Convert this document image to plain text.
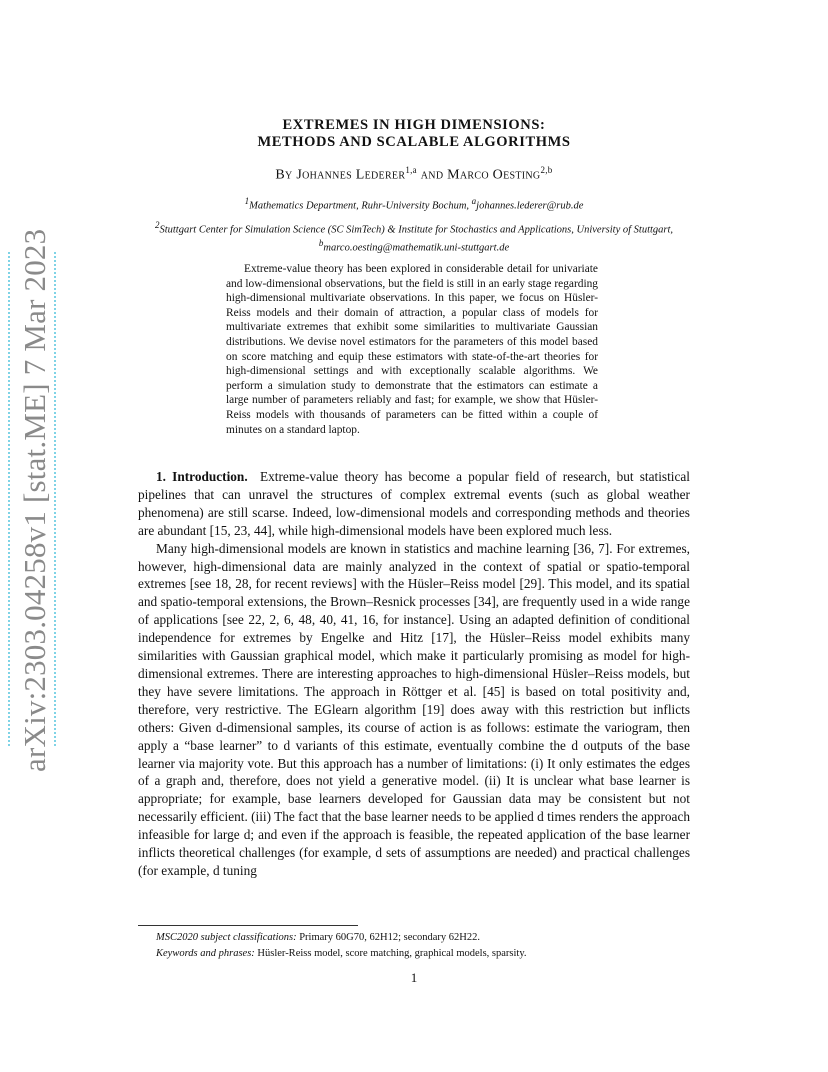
arXiv:2303.04258v1 [stat.ME] 7 Mar 2023
EXTREMES IN HIGH DIMENSIONS:
METHODS AND SCALABLE ALGORITHMS
By Johannes Lederer$^{1,a}$ and Marco Oesting$^{2,b}$
$^1$Mathematics Department, Ruhr-University Bochum, $^a$johannes.lederer@rub.de
$^2$Stuttgart Center for Simulation Science (SC SimTech) & Institute for Stochastics and Applications, University of Stuttgart,
$^b$marco.oesting@mathematik.uni-stuttgart.de
Extreme-value theory has been explored in considerable detail for univariate and low-dimensional observations, but the field is still in an early stage regarding high-dimensional multivariate observations. In this paper, we focus on Hüsler-Reiss models and their domain of attraction, a popular class of models for multivariate extremes that exhibit some similarities to multivariate Gaussian distributions. We devise novel estimators for the parameters of this model based on score matching and equip these estimators with state-of-the-art theories for high-dimensional settings and with exceptionally scalable algorithms. We perform a simulation study to demonstrate that the estimators can estimate a large number of parameters reliably and fast; for example, we show that Hüsler-Reiss models with thousands of parameters can be fitted within a couple of minutes on a standard laptop.

1. Introduction. Extreme-value theory has become a popular field of research, but statistical pipelines that can unravel the structures of complex extremal events (such as global weather phenomena) are still scarse. Indeed, low-dimensional models and corresponding methods and theories are abundant [15, 23, 44], while high-dimensional models have been explored much less.

Many high-dimensional models are known in statistics and machine learning [36, 7]. For extremes, however, high-dimensional data are mainly analyzed in the context of spatial or spatio-temporal extremes [see 18, 28, for recent reviews] with the Hüsler–Reiss model [29]. This model, and its spatial and spatio-temporal extensions, the Brown–Resnick processes [34], are frequently used in a wide range of applications [see 22, 2, 6, 48, 40, 41, 16, for instance]. Using an adapted definition of conditional independence for extremes by Engelke and Hitz [17], the Hüsler–Reiss model exhibits many similarities with Gaussian graphical model, which make it particularly promising as model for high-dimensional extremes. There are interesting approaches to high-dimensional Hüsler–Reiss models, but they have severe limitations. The approach in Röttger et al. [45] is based on total positivity and, therefore, very restrictive. The EGlearn algorithm [19] does away with this restriction but inflicts others: Given d-dimensional samples, its course of action is as follows: estimate the variogram, then apply a “base learner” to d variants of this estimate, eventually combine the d outputs of the base learner via majority vote. But this approach has a number of limitations: (i) It only estimates the edges of a graph and, therefore, does not yield a generative model. (ii) It is unclear what base learner is appropriate; for example, base learners developed for Gaussian data may be consistent but not necessarily efficient. (iii) The fact that the base learner needs to be applied d times renders the approach infeasible for large d; and even if the approach is feasible, the repeated application of the base learner inflicts theoretical challenges (for example, d sets of assumptions are needed) and practical challenges (for example, d tuning

MSC2020 subject classifications: Primary 60G70, 62H12; secondary 62H22.
Keywords and phrases: Hüsler-Reiss model, score matching, graphical models, sparsity.
1
